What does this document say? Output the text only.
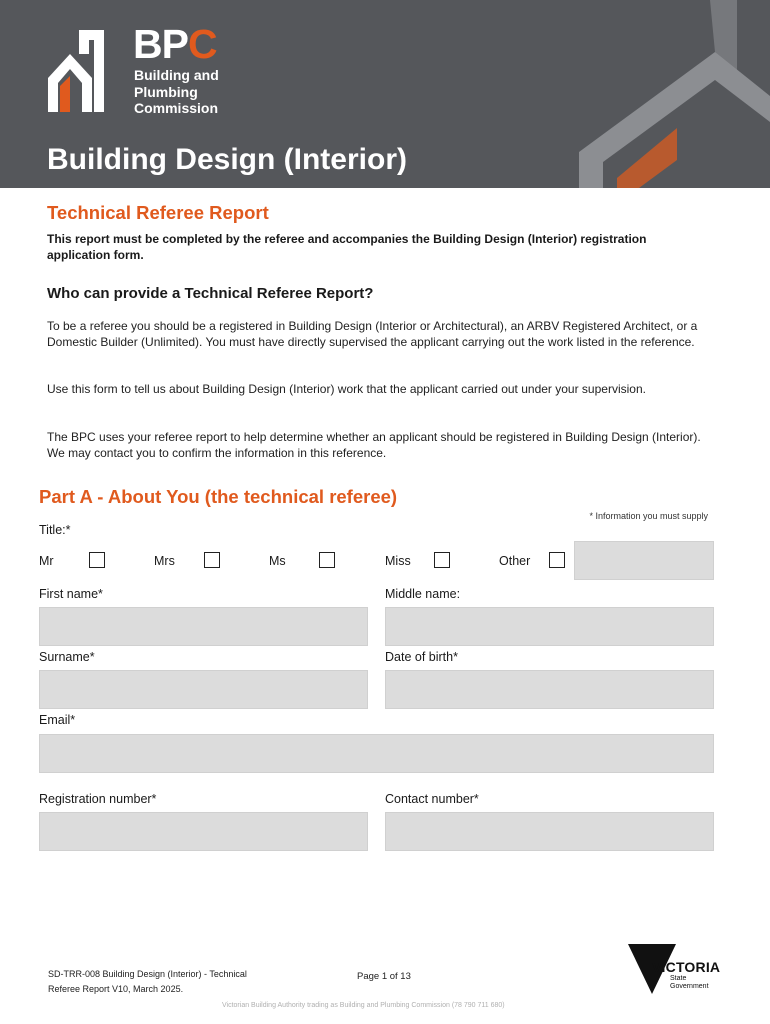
BPC
Building and
Plumbing
Commission
Building Design (Interior)
Technical Referee Report

This report must be completed by the referee and accompanies the Building Design (Interior) registration application form.

Who can provide a Technical Referee Report?

To be a referee you should be a registered in Building Design (Interior or Architectural), an ARBV Registered Architect, or a Domestic Builder (Unlimited). You must have directly supervised the applicant carrying out the work listed in the reference.

Use this form to tell us about Building Design (Interior) work that the applicant carried out under your supervision.

The BPC uses your referee report to help determine whether an applicant should be registered in Building Design (Interior). We may contact you to confirm the information in this reference.

Part A - About You (the technical referee)
* Information you must supply
Title:*
Mr	Mrs	Ms	Miss	Other
First name*	Middle name:
Surname*	Date of birth*
Email*
Registration number*	Contact number*
SD-TRR-008 Building Design (Interior) - Technical
Referee Report V10, March 2025.
Page 1 of 13
Victorian Building Authority trading as Building and Plumbing Commission (78 790 711 680)
VICTORIA
State
Government
